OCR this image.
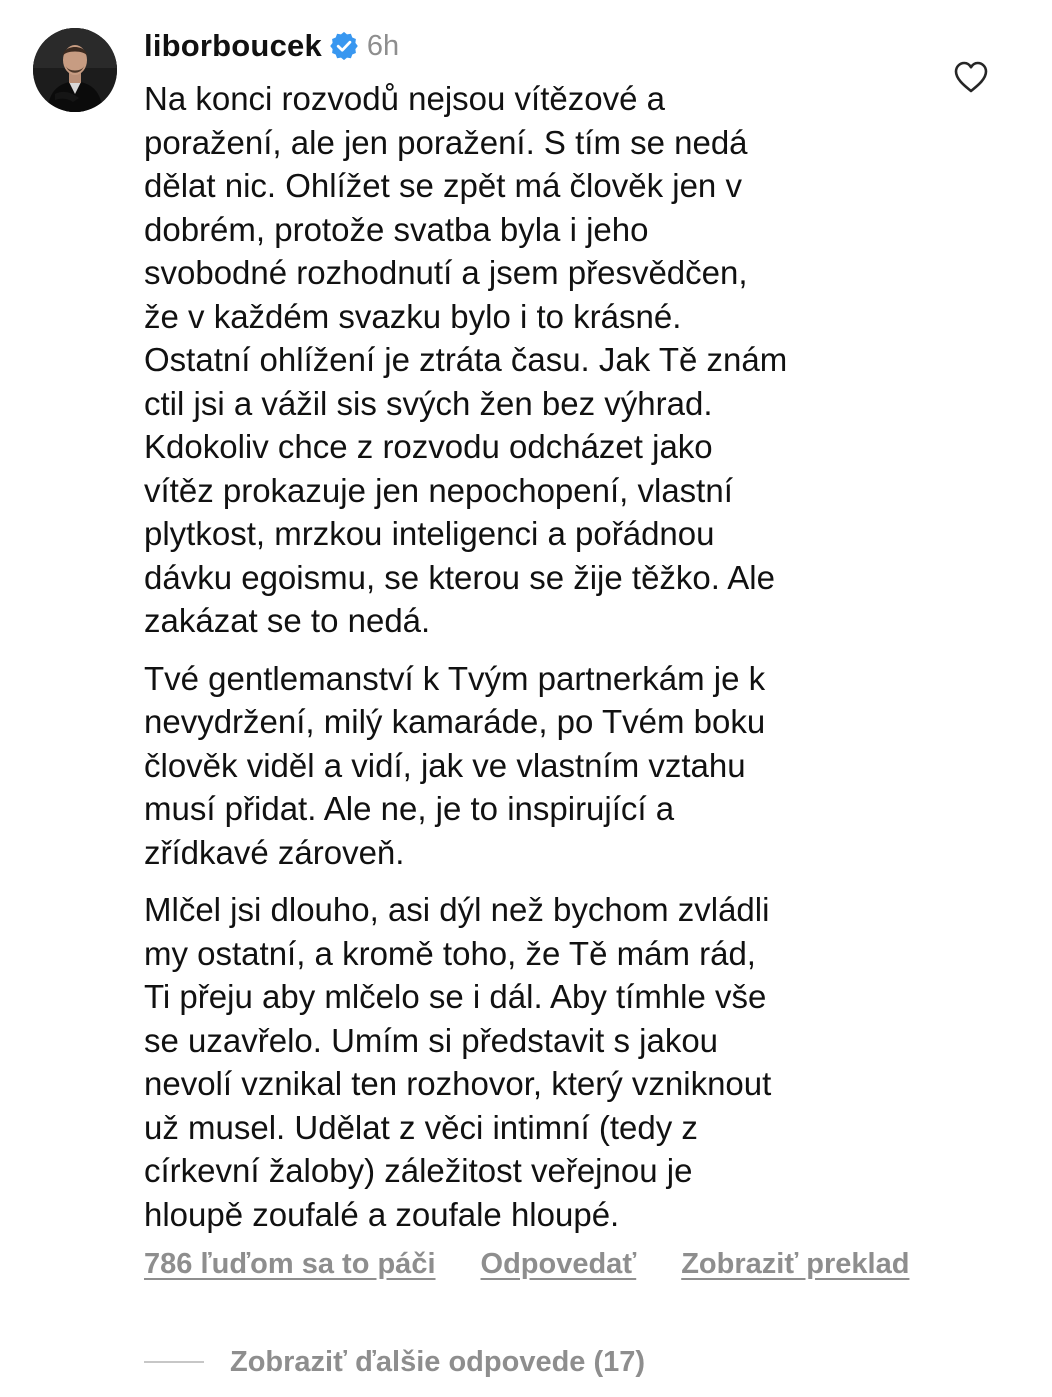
liborboucek 6h

Na konci rozvodů nejsou vítězové a
poražení, ale jen poražení. S tím se nedá
dělat nic. Ohlížet se zpět má člověk jen v
dobrém, protože svatba byla i jeho
svobodné rozhodnutí a jsem přesvědčen,
že v každém svazku bylo i to krásné.
Ostatní ohlížení je ztráta času. Jak Tě znám
ctil jsi a vážil sis svých žen bez výhrad.
Kdokoliv chce z rozvodu odcházet jako
vítěz prokazuje jen nepochopení, vlastní
plytkost, mrzkou inteligenci a pořádnou
dávku egoismu, se kterou se žije těžko. Ale
zakázat se to nedá.

Tvé gentlemanství k Tvým partnerkám je k
nevydržení, milý kamaráde, po Tvém boku
člověk viděl a vidí, jak ve vlastním vztahu
musí přidat. Ale ne, je to inspirující a
zřídkavé zároveň.

Mlčel jsi dlouho, asi dýl než bychom zvládli
my ostatní, a kromě toho, že Tě mám rád,
Ti přeju aby mlčelo se i dál. Aby tímhle vše
se uzavřelo. Umím si představit s jakou
nevolí vznikal ten rozhovor, který vzniknout
už musel. Udělat z věci intimní (tedy z
církevní žaloby) záležitost veřejnou je
hloupě zoufalé a zoufale hloupé.

786 ľuďom sa to páči Odpovedať Zobraziť preklad
Zobraziť ďalšie odpovede (17)
